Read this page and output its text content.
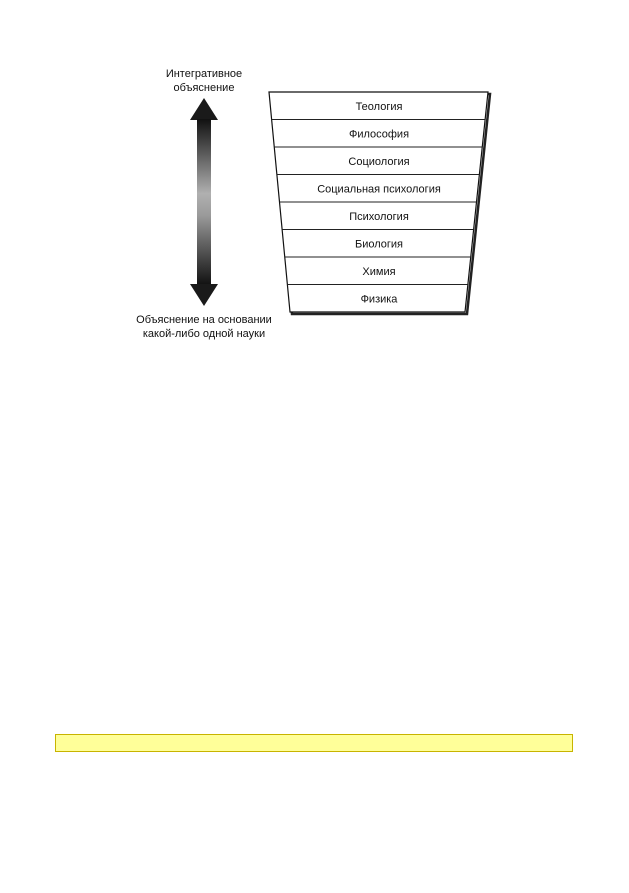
Интегративное
объяснение
Объяснение на основании
какой-либо одной науки
Теология
Философия
Социология
Социальная психология
Психология
Биология
Химия
Физика
